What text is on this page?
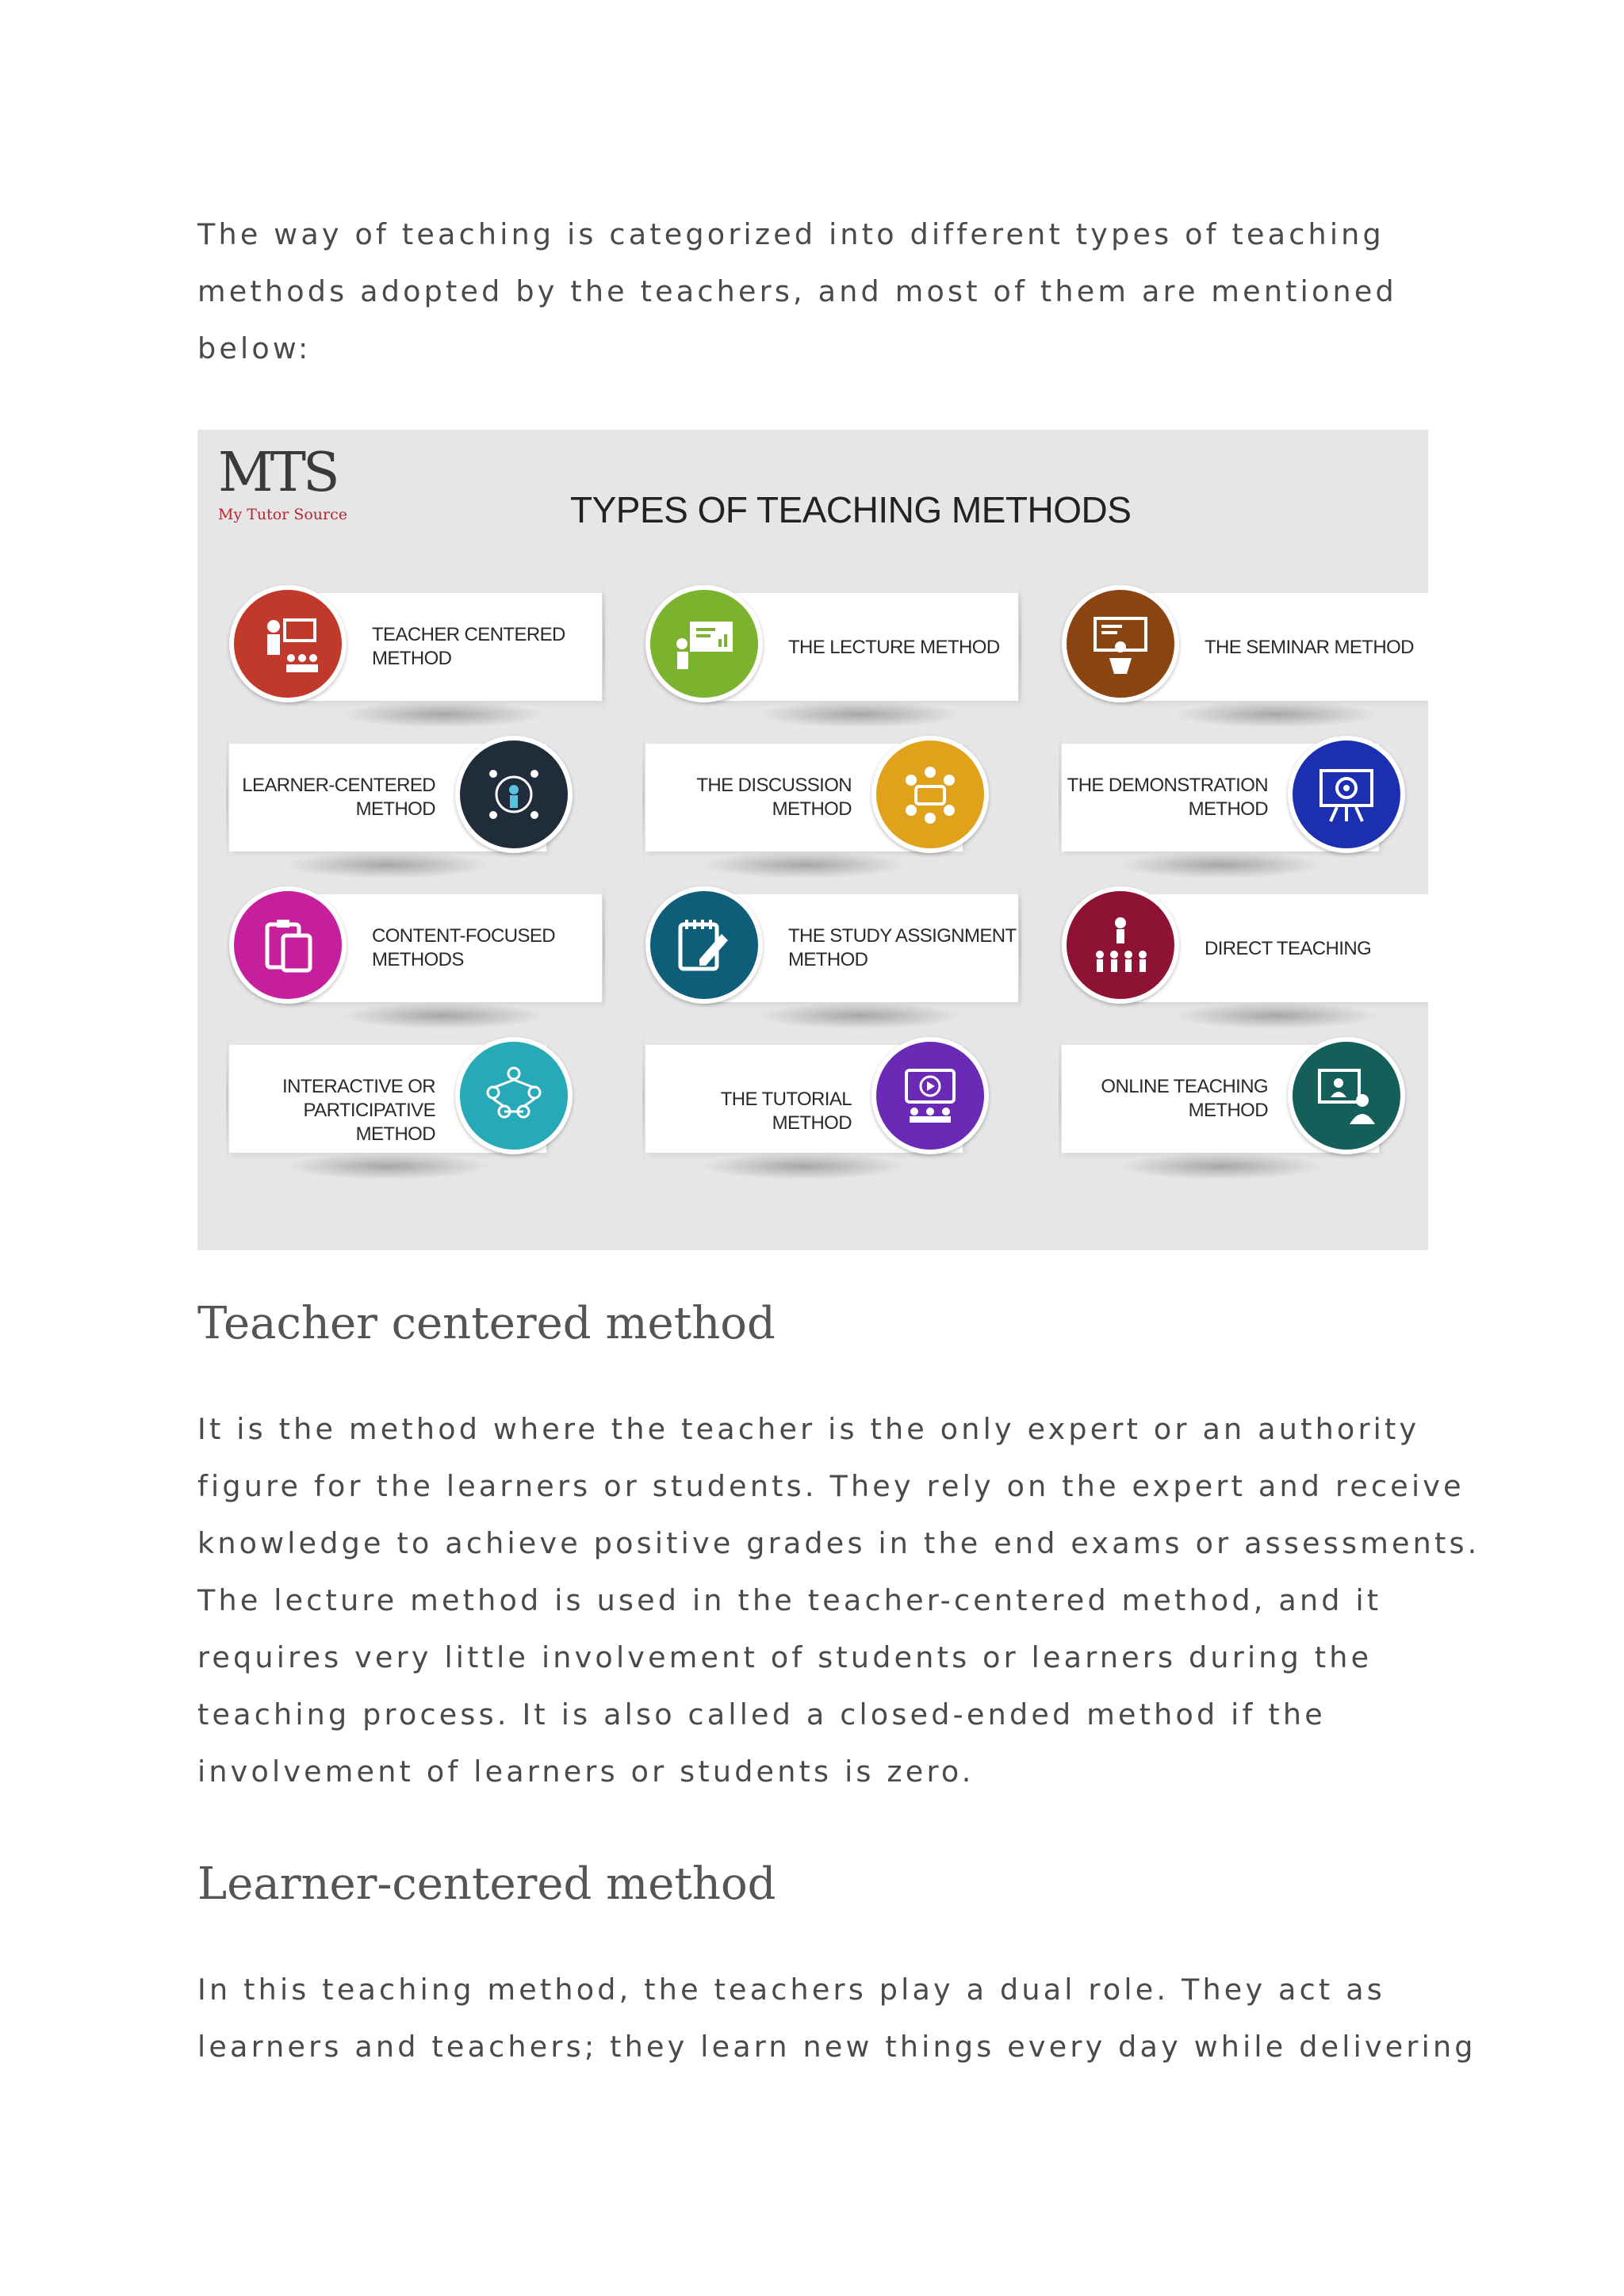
The way of teaching is categorized into different types of teaching
methods adopted by the teachers, and most of them are mentioned
below:
MTS
My Tutor Source	TYPES OF TEACHING METHODS
TEACHER CENTERED
METHOD
THE LECTURE METHOD	THE SEMINAR METHOD
LEARNER-CENTERED
METHOD
THE DISCUSSION
METHOD
THE DEMONSTRATION
METHOD
CONTENT-FOCUSED
METHODS
THE STUDY ASSIGNMENT
METHOD
DIRECT TEACHING
INTERACTIVE OR
PARTICIPATIVE METHOD
THE TUTORIAL METHOD
ONLINE TEACHING
METHOD
Teacher centered method
It is the method where the teacher is the only expert or an authority
figure for the learners or students. They rely on the expert and receive
knowledge to achieve positive grades in the end exams or assessments.
The lecture method is used in the teacher-centered method, and it
requires very little involvement of students or learners during the
teaching process. It is also called a closed-ended method if the
involvement of learners or students is zero.
Learner-centered method
In this teaching method, the teachers play a dual role. They act as
learners and teachers; they learn new things every day while delivering
